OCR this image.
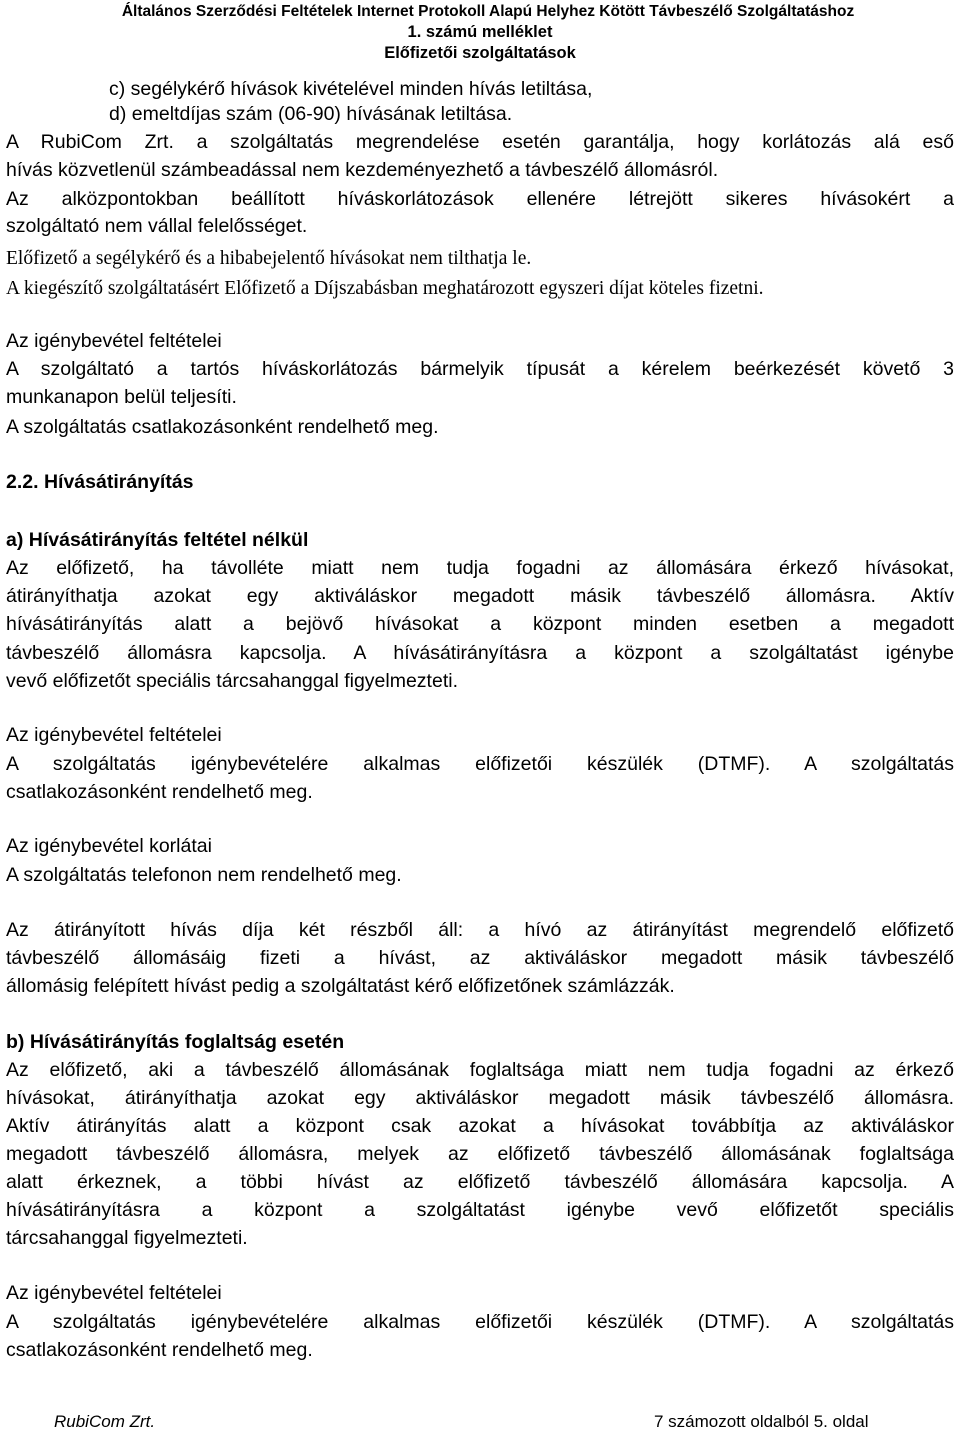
Általános Szerződési Feltételek Internet Protokoll Alapú Helyhez Kötött Távbeszélő Szolgáltatáshoz
1. számú melléklet
Előfizetői szolgáltatások
c) segélykérő hívások kivételével minden hívás letiltása,
d) emeltdíjas szám (06-90) hívásának letiltása.
A RubiCom Zrt. a szolgáltatás megrendelése esetén garantálja, hogy korlátozás alá eső
hívás közvetlenül számbeadással nem kezdeményezhető a távbeszélő állomásról.
Az alközpontokban beállított híváskorlátozások ellenére létrejött sikeres hívásokért a
szolgáltató nem vállal felelősséget.
Előfizető a segélykérő és a hibabejelentő hívásokat nem tilthatja le.
A kiegészítő szolgáltatásért Előfizető a Díjszabásban meghatározott egyszeri díjat köteles fizetni.
Az igénybevétel feltételei
A szolgáltató a tartós híváskorlátozás bármelyik típusát a kérelem beérkezését követő 3
munkanapon belül teljesíti.
A szolgáltatás csatlakozásonként rendelhető meg.
2.2. Hívásátirányítás
a) Hívásátirányítás feltétel nélkül
Az előfizető, ha távolléte miatt nem tudja fogadni az állomására érkező hívásokat,
átirányíthatja azokat egy aktiváláskor megadott másik távbeszélő állomásra. Aktív
hívásátirányítás alatt a bejövő hívásokat a központ minden esetben a megadott
távbeszélő állomásra kapcsolja. A hívásátirányításra a központ a szolgáltatást igénybe
vevő előfizetőt speciális tárcsahanggal figyelmezteti.
Az igénybevétel feltételei
A szolgáltatás igénybevételére alkalmas előfizetői készülék (DTMF). A szolgáltatás
csatlakozásonként rendelhető meg.
Az igénybevétel korlátai
A szolgáltatás telefonon nem rendelhető meg.
Az átirányított hívás díja két részből áll: a hívó az átirányítást megrendelő előfizető
távbeszélő állomásáig fizeti a hívást, az aktiváláskor megadott másik távbeszélő
állomásig felépített hívást pedig a szolgáltatást kérő előfizetőnek számlázzák.
b) Hívásátirányítás foglaltság esetén
Az előfizető, aki a távbeszélő állomásának foglaltsága miatt nem tudja fogadni az érkező
hívásokat, átirányíthatja azokat egy aktiváláskor megadott másik távbeszélő állomásra.
Aktív átirányítás alatt a központ csak azokat a hívásokat továbbítja az aktiváláskor
megadott távbeszélő állomásra, melyek az előfizető távbeszélő állomásának foglaltsága
alatt érkeznek, a többi hívást az előfizető távbeszélő állomására kapcsolja. A
hívásátirányításra a központ a szolgáltatást igénybe vevő előfizetőt speciális
tárcsahanggal figyelmezteti.
Az igénybevétel feltételei
A szolgáltatás igénybevételére alkalmas előfizetői készülék (DTMF). A szolgáltatás
csatlakozásonként rendelhető meg.
RubiCom Zrt.	7 számozott oldalból 5. oldal
